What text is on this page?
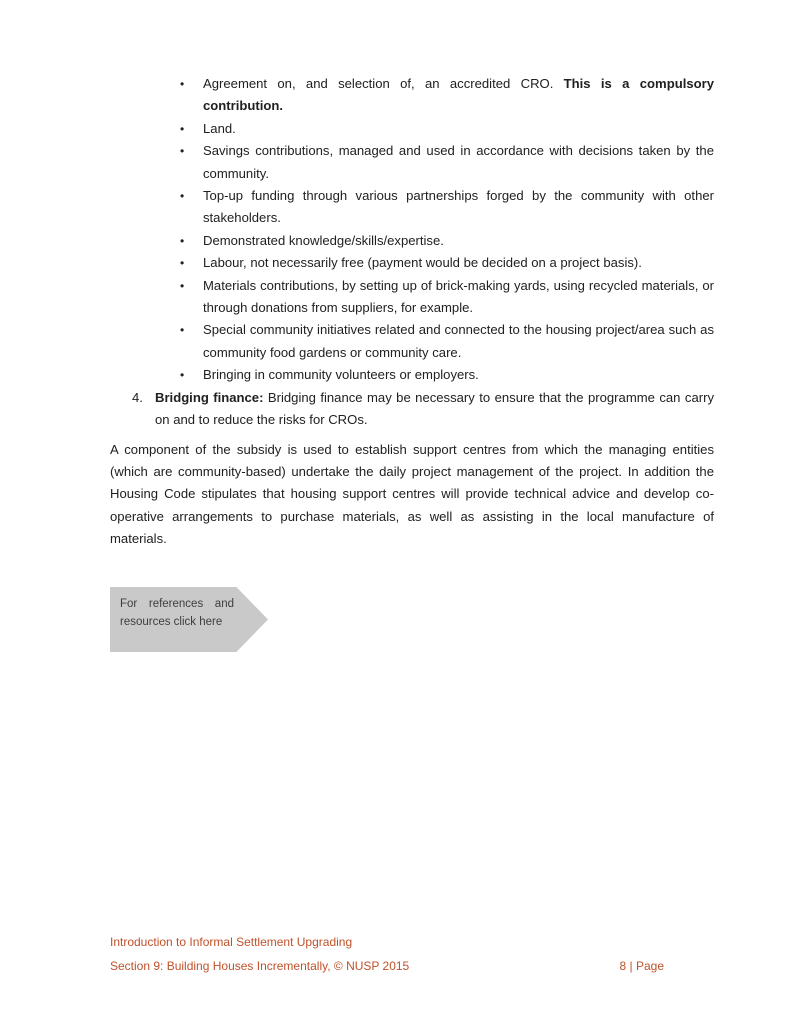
•	Agreement on, and selection of, an accredited CRO. This is a compulsory contribution.
•	Land.
•	Savings contributions, managed and used in accordance with decisions taken by the community.
•	Top-up funding through various partnerships forged by the community with other stakeholders.
•	Demonstrated knowledge/skills/expertise.
•	Labour, not necessarily free (payment would be decided on a project basis).
•	Materials contributions, by setting up of brick-making yards, using recycled materials, or through donations from suppliers, for example.
•	Special community initiatives related and connected to the housing project/area such as community food gardens or community care.
•	Bringing in community volunteers or employers.
4. Bridging finance: Bridging finance may be necessary to ensure that the programme can carry on and to reduce the risks for CROs.
A component of the subsidy is used to establish support centres from which the managing entities (which are community-based) undertake the daily project management of the project. In addition the Housing Code stipulates that housing support centres will provide technical advice and develop co-operative arrangements to purchase materials, as well as assisting in the local manufacture of materials.
For references and resources click here
Introduction to Informal Settlement Upgrading
Section 9: Building Houses Incrementally, © NUSP 2015	8 | Page
